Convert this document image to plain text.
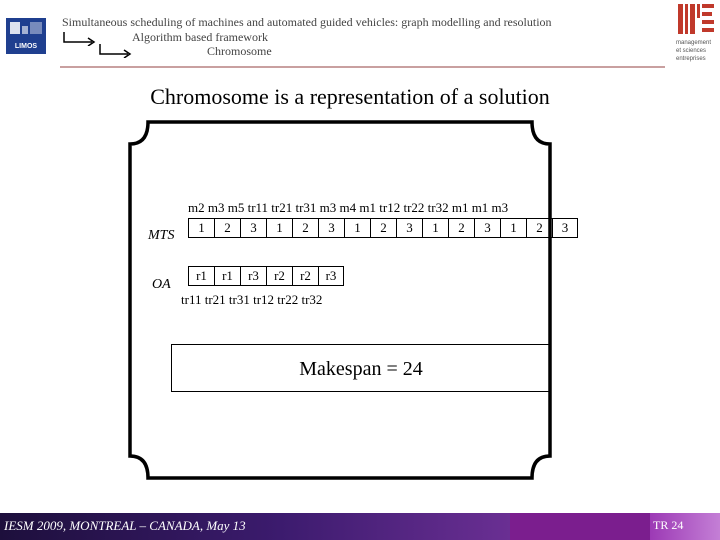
LIMOS
Simultaneous scheduling of machines and automated guided vehicles: graph modelling and resolution
Algorithm based framework
Chromosome
management
et sciences
entreprises
Chromosome is a representation of a solution
MTS
OA
m2 m3 m5 tr11 tr21 tr31 m3 m4 m1 tr12 tr22 tr32 m1 m1 m3
1	2	3	1	2	3	1	2	3	1	2	3	1	2	3
r1	r1	r3	r2	r2	r3
tr11 tr21 tr31 tr12 tr22 tr32
Makespan = 24
IESM 2009, MONTREAL – CANADA, May 13	TR 24
